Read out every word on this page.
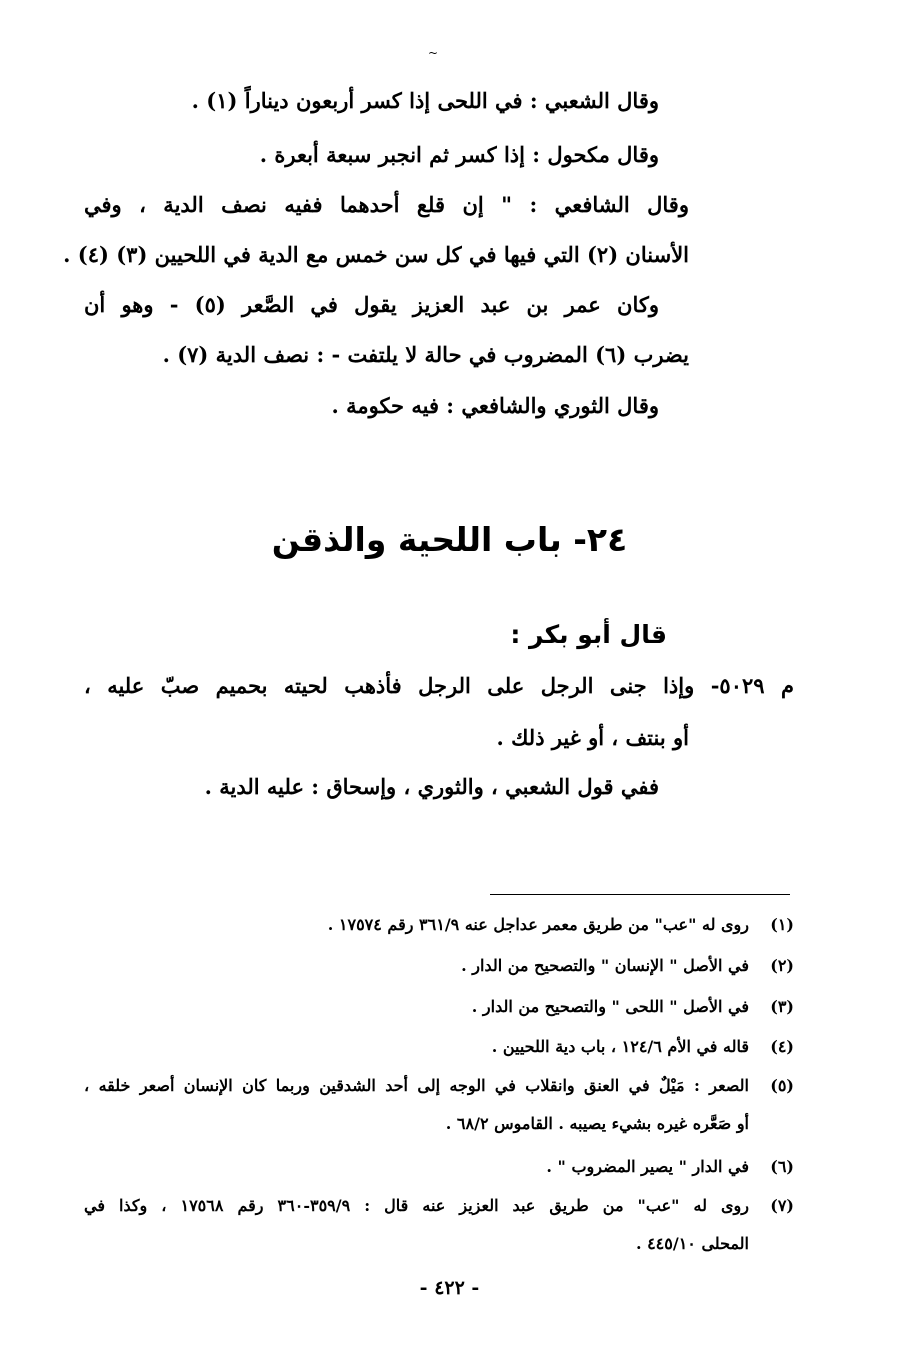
~
وقال الشعبي : في اللحى إذا كسر أربعون ديناراً (١) .
وقال مكحول : إذا كسر ثم انجبر سبعة أبعرة .
وقال الشافعي : " إن قلع أحدهما ففيه نصف الدية ، وفي
الأسنان (٢) التي فيها في كل سن خمس مع الدية في اللحيين (٣) (٤) .
وكان عمر بن عبد العزيز يقول في الصَّعر (٥) - وهو أن
يضرب (٦) المضروب في حالة لا يلتفت - : نصف الدية (٧) .
وقال الثوري والشافعي : فيه حكومة .
٢٤- باب اللحية والذقن
قال أبو بكر :
م ٥٠٢٩- وإذا جنى الرجل على الرجل فأذهب لحيته بحميم صبّ عليه ،
أو بنتف ، أو غير ذلك .
ففي قول الشعبي ، والثوري ، وإسحاق : عليه الدية .
(١)
روى له "عب" من طريق معمر عداجل عنه ٣٦١/٩ رقم ١٧٥٧٤ .
(٢)
في الأصل " الإنسان " والتصحيح من الدار .
(٣)
في الأصل " اللحى " والتصحيح من الدار .
(٤)
قاله في الأم ١٢٤/٦ ، باب دية اللحيين .
(٥)
الصعر : مَيْلٌ في العنق وانقلاب في الوجه إلى أحد الشدقين وربما كان الإنسان أصعر خلقه ،
أو صَعَّره غيره بشيء يصيبه . القاموس ٦٨/٢ .
(٦)
في الدار " يصير المضروب " .
(٧)
روى له "عب" من طريق عبد العزيز عنه قال : ٣٥٩/٩-٣٦٠ رقم ١٧٥٦٨ ، وكذا في
المحلى ٤٤٥/١٠ .
- ٤٢٢ -
